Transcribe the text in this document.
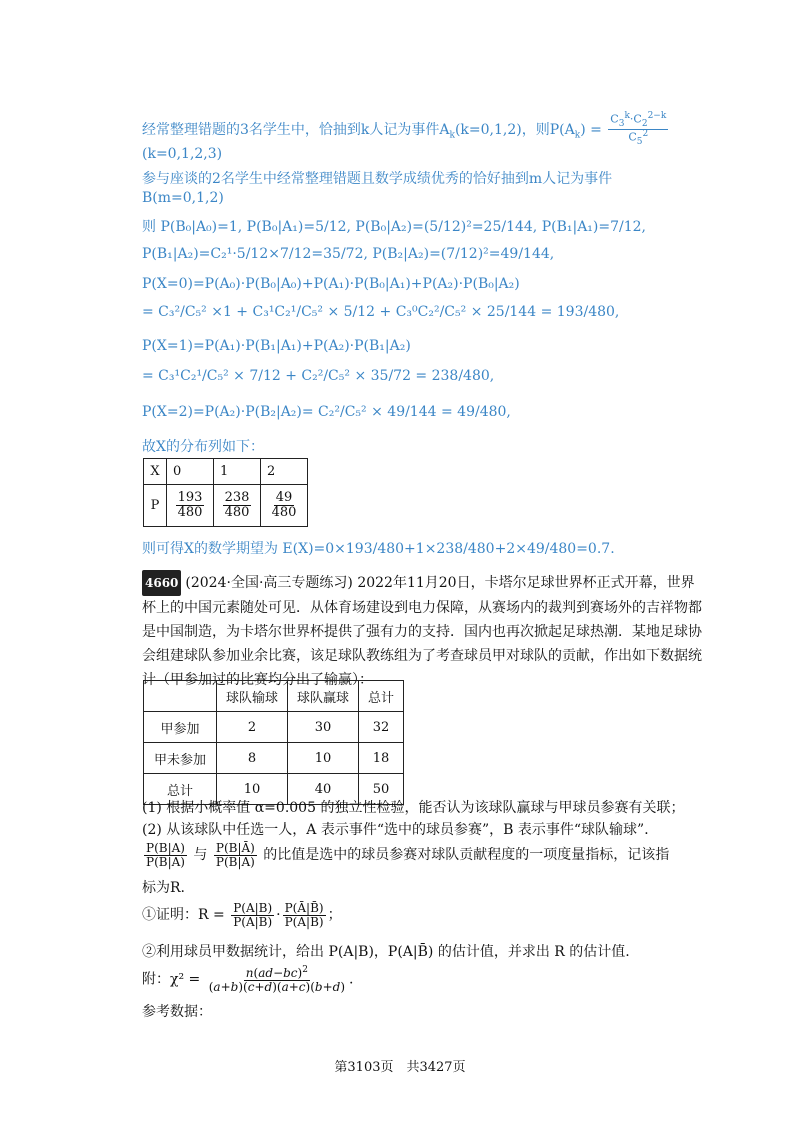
经常整理错题的3名学生中，恰抽到k人记为事件$A_k(k=0,1,2)$，则$P(A_k) = \frac{C_3^k\cdot C_2^{2-k}}{C_5^2}$
(k=0,1,2,3)
参与座谈的2名学生中经常整理错题且数学成绩优秀的恰好抽到m人记为事件
B(m=0,1,2)
则 P(B₀|A₀)=1, P(B₀|A₁)=5/12, P(B₀|A₂)=(5/12)²=25/144, P(B₁|A₁)=7/12,
P(B₁|A₂)=C₂¹·5/12×7/12=35/72, P(B₂|A₂)=(7/12)²=49/144,
P(X=0)=P(A₀)·P(B₀|A₀)+P(A₁)·P(B₀|A₁)+P(A₂)·P(B₀|A₂)
= C₃²/C₅² ×1 + C₃¹C₂¹/C₅² × 5/12 + C₃⁰C₂²/C₅² × 25/144 = 193/480,
P(X=1)=P(A₁)·P(B₁|A₁)+P(A₂)·P(B₁|A₂)
= C₃¹C₂¹/C₅² × 7/12 + C₂²/C₅² × 35/72 = 238/480,
P(X=2)=P(A₂)·P(B₂|A₂)= C₂²/C₅² × 49/144 = 49/480,
故X的分布列如下：
X	0	1	2
P	$\frac{193}{480}$	$\frac{238}{480}$	$\frac{49}{480}$
则可得X的数学期望为 E(X)=0×193/480+1×238/480+2×49/480=0.7.
4660 (2024·全国·高三专题练习) 2022年11月20日，卡塔尔足球世界杯正式开幕，世界杯上的中国元素随处可见．从体育场建设到电力保障，从赛场内的裁判到赛场外的吉祥物都是中国制造，为卡塔尔世界杯提供了强有力的支持．国内也再次掀起足球热潮．某地足球协会组建球队参加业余比赛，该足球队教练组为了考查球员甲对球队的贡献，作出如下数据统计（甲参加过的比赛均分出了输赢）：
	球队输球	球队赢球	总计
甲参加	2	30	32
甲未参加	8	10	18
总计	10	40	50
(1) 根据小概率值 α=0.005 的独立性检验，能否认为该球队赢球与甲球员参赛有关联；
(2) 从该球队中任选一人，A 表示事件“选中的球员参赛”，B 表示事件“球队输球”．
$\frac{P(B|A)}{P(B̄|A)}$ 与 $\frac{P(B|Ā)}{P(B̄|Ā)}$ 的比值是选中的球员参赛对球队贡献程度的一项度量指标，记该指
标为R.
①证明：$R = \frac{P(A|B)}{P(Ā|B)} \cdot \frac{P(Ā|B̄)}{P(A|B̄)}$ ；
②利用球员甲数据统计，给出 P(A|B)，P(A|B̄) 的估计值，并求出 R 的估计值.
附：$\chi^2 = \frac{n(ad-bc)^2}{(a+b)(c+d)(a+c)(b+d)}$ .
参考数据：
第3103页　共3427页
